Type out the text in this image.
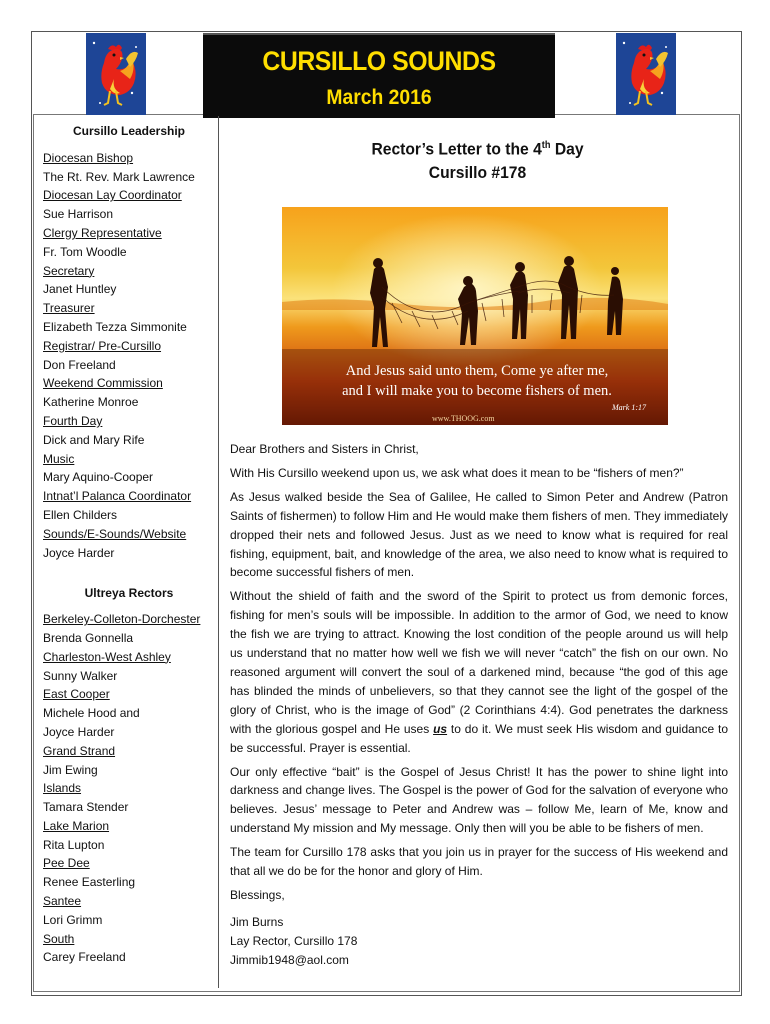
CURSILLO SOUNDS
March 2016
Cursillo Leadership
Diocesan Bishop
The Rt. Rev. Mark Lawrence
Diocesan Lay Coordinator
Sue Harrison
Clergy Representative
Fr. Tom Woodle
Secretary
Janet Huntley
Treasurer
Elizabeth Tezza Simmonite
Registrar/ Pre-Cursillo
Don Freeland
Weekend Commission
Katherine Monroe
Fourth Day
Dick and Mary Rife
Music
Mary Aquino-Cooper
Intnat’l Palanca Coordinator
Ellen Childers
Sounds/E-Sounds/Website
Joyce Harder
Ultreya Rectors
Berkeley-Colleton-Dorchester
Brenda Gonnella
Charleston-West Ashley
Sunny Walker
East Cooper
Michele Hood and
Joyce Harder
Grand Strand
Jim Ewing
Islands
Tamara Stender
Lake Marion
Rita Lupton
Pee Dee
Renee Easterling
Santee
Lori Grimm
South
Carey Freeland
Rector’s Letter to the 4th Day
Cursillo #178
And Jesus said unto them, Come ye after me,
and I will make you to become fishers of men.
Mark 1:17
www.THOOG.com

Dear Brothers and Sisters in Christ,

With His Cursillo weekend upon us, we ask what does it mean to be “fishers of men?”

As Jesus walked beside the Sea of Galilee, He called to Simon Peter and Andrew (Patron Saints of fishermen) to follow Him and He would make them fishers of men. They immediately dropped their nets and followed Jesus. Just as we need to know what is required for real fishing, equipment, bait, and knowledge of the area, we also need to know what is required to become successful fishers of men.

Without the shield of faith and the sword of the Spirit to protect us from demonic forces, fishing for men’s souls will be impossible. In addition to the armor of God, we need to know the fish we are trying to attract. Knowing the lost condition of the people around us will help us understand that no matter how well we fish we will never “catch” the fish on our own. No reasoned argument will convert the soul of a darkened mind, because “the god of this age has blinded the minds of unbelievers, so that they cannot see the light of the gospel of the glory of Christ, who is the image of God” (2 Corinthians 4:4). God penetrates the darkness with the glorious gospel and He uses us to do it. We must seek His wisdom and guidance to be successful. Prayer is essential.

Our only effective “bait” is the Gospel of Jesus Christ! It has the power to shine light into darkness and change lives. The Gospel is the power of God for the salvation of everyone who believes. Jesus’ message to Peter and Andrew was – follow Me, learn of Me, know and understand My mission and My message. Only then will you be able to be fishers of men.

The team for Cursillo 178 asks that you join us in prayer for the success of His weekend and that all we do be for the honor and glory of Him.

Blessings,

Jim Burns
Lay Rector, Cursillo 178
Jimmib1948@aol.com
